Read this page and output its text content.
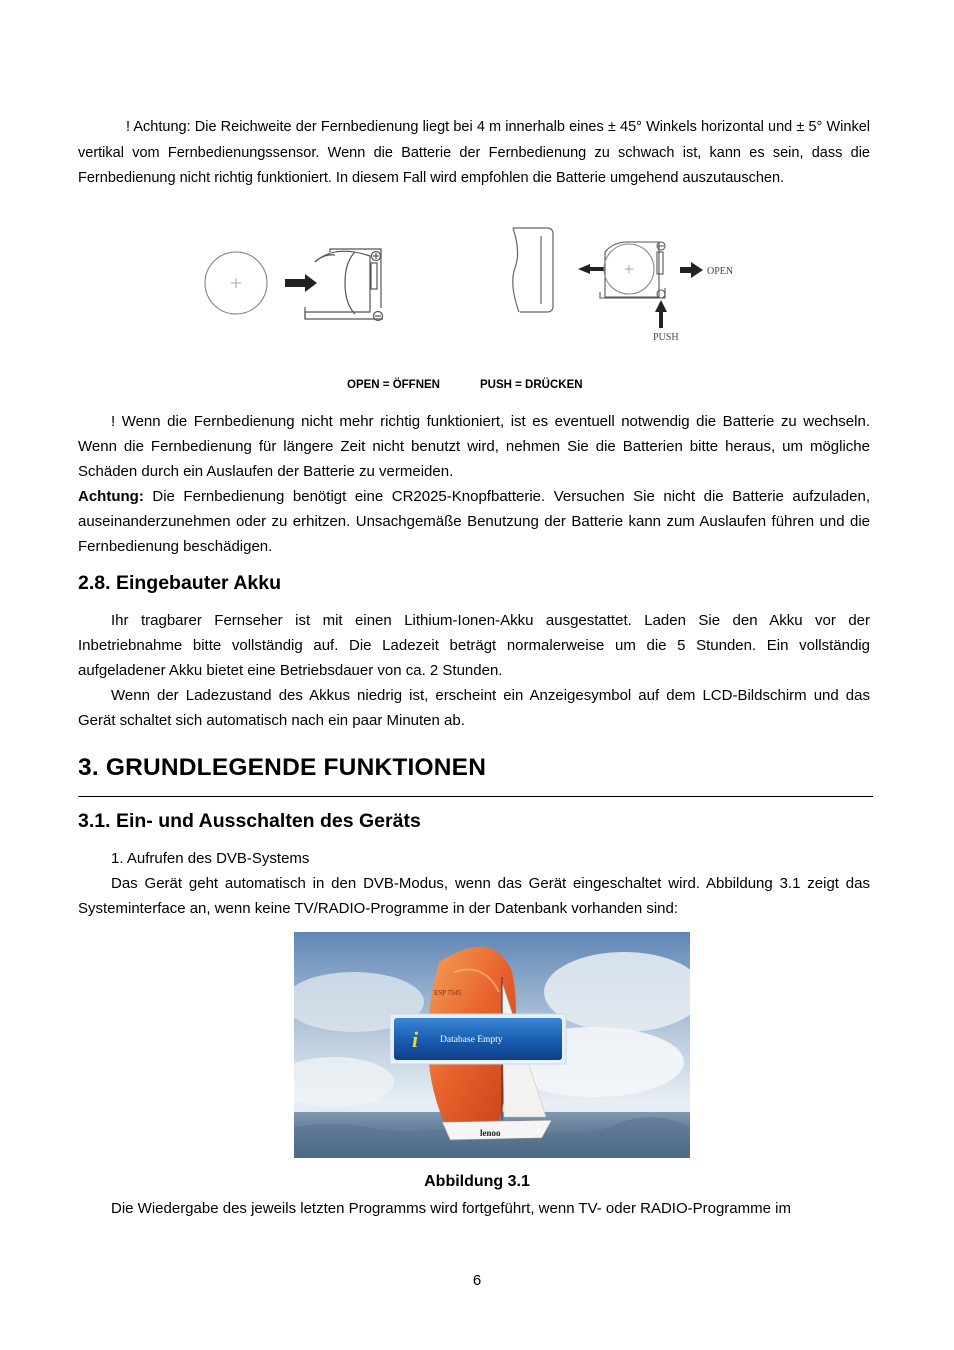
! Achtung: Die Reichweite der Fernbedienung liegt bei 4 m innerhalb eines ± 45° Winkels horizontal und ± 5° Winkel vertikal vom Fernbedienungssensor. Wenn die Batterie der Fernbedienung zu schwach ist, kann es sein, dass die Fernbedienung nicht richtig funktioniert. In diesem Fall wird empfohlen die Batterie umgehend auszutauschen.

OPEN
PUSH
OPEN = ÖFFNEN	PUSH = DRÜCKEN

! Wenn die Fernbedienung nicht mehr richtig funktioniert, ist es eventuell notwendig die Batterie zu wechseln. Wenn die Fernbedienung für längere Zeit nicht benutzt wird, nehmen Sie die Batterien bitte heraus, um mögliche Schäden durch ein Auslaufen der Batterie zu vermeiden.

Achtung: Die Fernbedienung benötigt eine CR2025-Knopfbatterie. Versuchen Sie nicht die Batterie aufzuladen, auseinanderzunehmen oder zu erhitzen. Unsachgemäße Benutzung der Batterie kann zum Auslaufen führen und die Fernbedienung beschädigen.

2.8. Eingebauter Akku

Ihr tragbarer Fernseher ist mit einen Lithium-Ionen-Akku ausgestattet. Laden Sie den Akku vor der Inbetriebnahme bitte vollständig auf. Die Ladezeit beträgt normalerweise um die 5 Stunden. Ein vollständig aufgeladener Akku bietet eine Betriebsdauer von ca. 2 Stunden.

Wenn der Ladezustand des Akkus niedrig ist, erscheint ein Anzeigesymbol auf dem LCD-Bildschirm und das Gerät schaltet sich automatisch nach ein paar Minuten ab.

3. GRUNDLEGENDE FUNKTIONEN
3.1. Ein- und Ausschalten des Geräts

1. Aufrufen des DVB-Systems

Das Gerät geht automatisch in den DVB-Modus, wenn das Gerät eingeschaltet wird. Abbildung 3.1 zeigt das Systeminterface an, wenn keine TV/RADIO-Programme in der Datenbank vorhanden sind:

ESP 7545
lenoo
i Database Empty
Abbildung 3.1

Die Wiedergabe des jeweils letzten Programms wird fortgeführt, wenn TV- oder RADIO-Programme im

6
